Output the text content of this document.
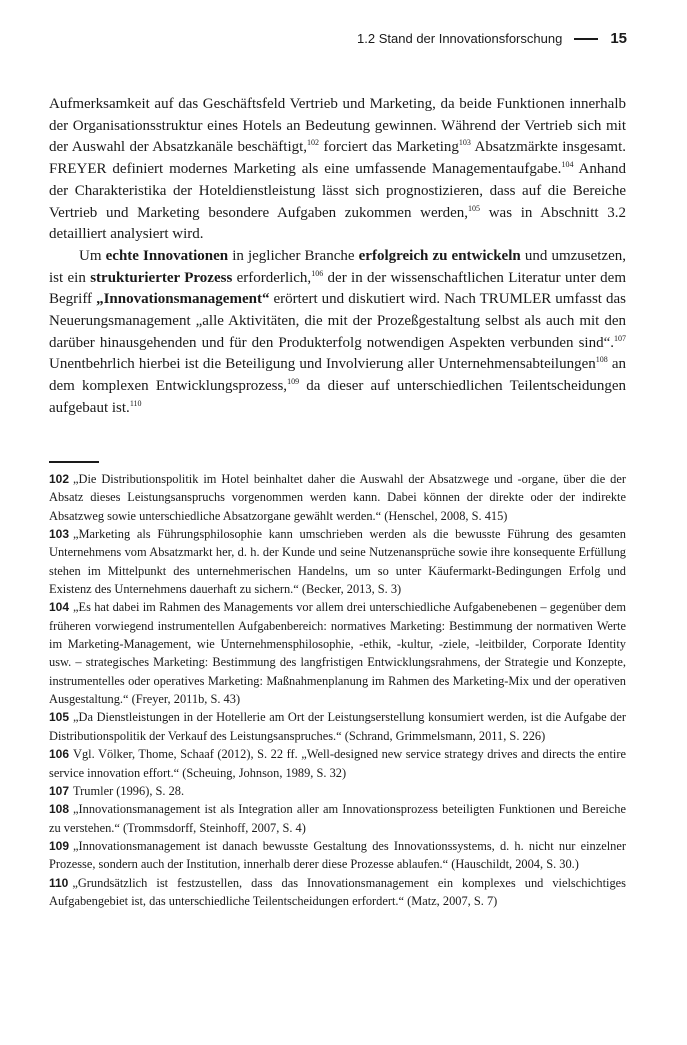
1.2 Stand der Innovationsforschung	15

Aufmerksamkeit auf das Geschäftsfeld Vertrieb und Marketing, da beide Funktionen innerhalb der Organisationsstruktur eines Hotels an Bedeutung gewinnen. Während der Vertrieb sich mit der Auswahl der Absatzkanäle beschäftigt,$^{102}$ forciert das Marketing$^{103}$ Absatzmärkte insgesamt. FREYER definiert modernes Marketing als eine umfassende Managementaufgabe.$^{104}$ Anhand der Charakteristika der Hoteldienstleistung lässt sich prognostizieren, dass auf die Bereiche Vertrieb und Marketing besondere Aufgaben zukommen werden,$^{105}$ was in Abschnitt 3.2 detailliert analysiert wird.

Um echte Innovationen in jeglicher Branche erfolgreich zu entwickeln und umzusetzen, ist ein strukturierter Prozess erforderlich,$^{106}$ der in der wissenschaftlichen Literatur unter dem Begriff „Innovationsmanagement“ erörtert und diskutiert wird. Nach TRUMLER umfasst das Neuerungsmanagement „alle Aktivitäten, die mit der Prozeßgestaltung selbst als auch mit den darüber hinausgehenden und für den Produkterfolg notwendigen Aspekten verbunden sind“.$^{107}$ Unentbehrlich hierbei ist die Beteiligung und Involvierung aller Unternehmensabteilungen$^{108}$ an dem komplexen Entwicklungsprozess,$^{109}$ da dieser auf unterschiedlichen Teilentscheidungen aufgebaut ist.$^{110}$

102 „Die Distributionspolitik im Hotel beinhaltet daher die Auswahl der Absatzwege und -organe, über die der Absatz dieses Leistungsanspruchs vorgenommen werden kann. Dabei können der direkte oder der indirekte Absatzweg sowie unterschiedliche Absatzorgane gewählt werden.“ (Henschel, 2008, S. 415)

103 „Marketing als Führungsphilosophie kann umschrieben werden als die bewusste Führung des gesamten Unternehmens vom Absatzmarkt her, d. h. der Kunde und seine Nutzenansprüche sowie ihre konsequente Erfüllung stehen im Mittelpunkt des unternehmerischen Handelns, um so unter Käufermarkt-Bedingungen Erfolg und Existenz des Unternehmens dauerhaft zu sichern.“ (Becker, 2013, S. 3)

104 „Es hat dabei im Rahmen des Managements vor allem drei unterschiedliche Aufgabenebenen – gegenüber dem früheren vorwiegend instrumentellen Aufgabenbereich: normatives Marketing: Bestimmung der normativen Werte im Marketing-Management, wie Unternehmensphilosophie, -ethik, -kultur, -ziele, -leitbilder, Corporate Identity usw. – strategisches Marketing: Bestimmung des langfristigen Entwicklungsrahmens, der Strategie und Konzepte, instrumentelles oder operatives Marketing: Maßnahmenplanung im Rahmen des Marketing-Mix und der operativen Ausgestaltung.“ (Freyer, 2011b, S. 43)

105 „Da Dienstleistungen in der Hotellerie am Ort der Leistungserstellung konsumiert werden, ist die Aufgabe der Distributionspolitik der Verkauf des Leistungsanspruches.“ (Schrand, Grimmelsmann, 2011, S. 226)

106 Vgl. Völker, Thome, Schaaf (2012), S. 22 ff. „Well-designed new service strategy drives and directs the entire service innovation effort.“ (Scheuing, Johnson, 1989, S. 32)

107 Trumler (1996), S. 28.

108 „Innovationsmanagement ist als Integration aller am Innovationsprozess beteiligten Funktionen und Bereiche zu verstehen.“ (Trommsdorff, Steinhoff, 2007, S. 4)

109 „Innovationsmanagement ist danach bewusste Gestaltung des Innovationssystems, d. h. nicht nur einzelner Prozesse, sondern auch der Institution, innerhalb derer diese Prozesse ablaufen.“ (Hauschildt, 2004, S. 30.)

110 „Grundsätzlich ist festzustellen, dass das Innovationsmanagement ein komplexes und vielschichtiges Aufgabengebiet ist, das unterschiedliche Teilentscheidungen erfordert.“ (Matz, 2007, S. 7)
